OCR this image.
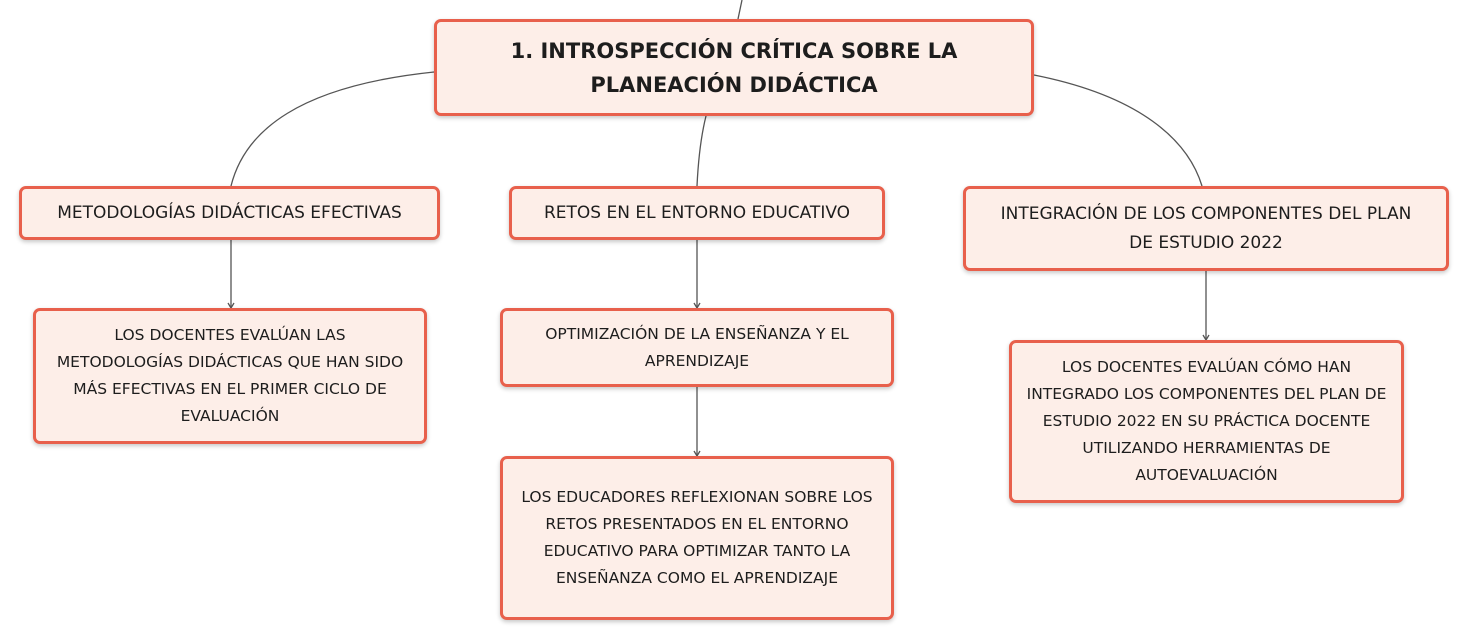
1. INTROSPECCIÓN CRÍTICA SOBRE LA PLANEACIÓN DIDÁCTICA
METODOLOGÍAS DIDÁCTICAS EFECTIVAS	RETOS EN EL ENTORNO EDUCATIVO	INTEGRACIÓN DE LOS COMPONENTES DEL PLAN DE ESTUDIO 2022
LOS DOCENTES EVALÚAN LAS METODOLOGÍAS DIDÁCTICAS QUE HAN SIDO MÁS EFECTIVAS EN EL PRIMER CICLO DE EVALUACIÓN
OPTIMIZACIÓN DE LA ENSEÑANZA Y EL APRENDIZAJE
LOS EDUCADORES REFLEXIONAN SOBRE LOS RETOS PRESENTADOS EN EL ENTORNO EDUCATIVO PARA OPTIMIZAR TANTO LA ENSEÑANZA COMO EL APRENDIZAJE
LOS DOCENTES EVALÚAN CÓMO HAN INTEGRADO LOS COMPONENTES DEL PLAN DE ESTUDIO 2022 EN SU PRÁCTICA DOCENTE UTILIZANDO HERRAMIENTAS DE AUTOEVALUACIÓN
